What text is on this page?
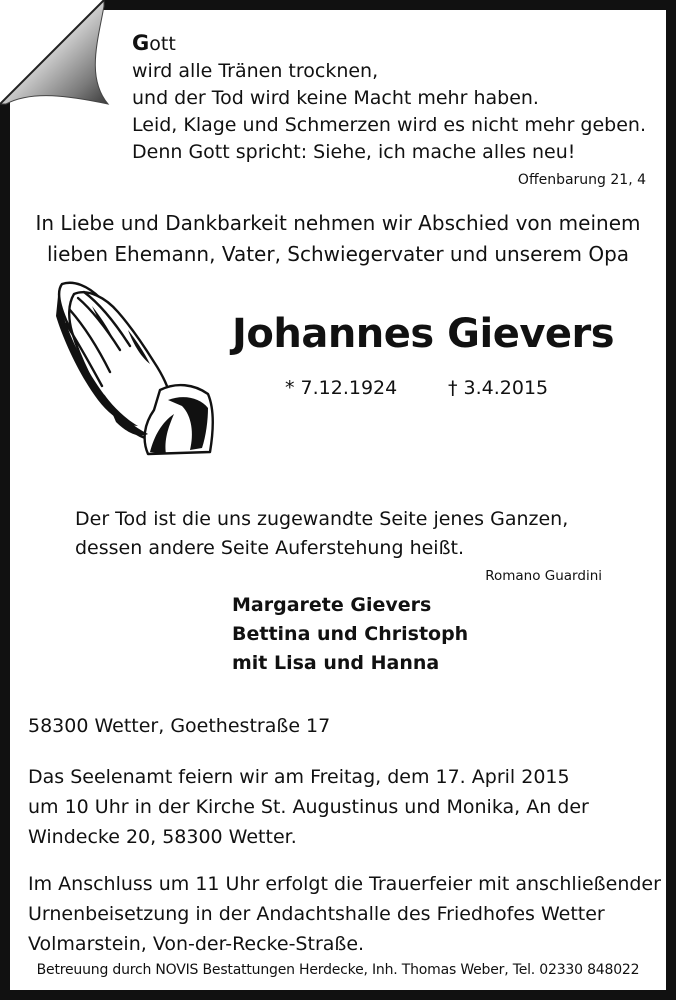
Gott
wird alle Tränen trocknen,
und der Tod wird keine Macht mehr haben.
Leid, Klage und Schmerzen wird es nicht mehr geben.
Denn Gott spricht: Siehe, ich mache alles neu!
Offenbarung 21, 4
In Liebe und Dankbarkeit nehmen wir Abschied von meinem
lieben Ehemann, Vater, Schwiegervater und unserem Opa
Johannes Gievers
* 7.12.1924	† 3.4.2015
Der Tod ist die uns zugewandte Seite jenes Ganzen,
dessen andere Seite Auferstehung heißt.
Romano Guardini
Margarete Gievers
Bettina und Christoph
mit Lisa und Hanna
58300 Wetter, Goethestraße 17
Das Seelenamt feiern wir am Freitag, dem 17. April 2015
um 10 Uhr in der Kirche St. Augustinus und Monika, An der
Windecke 20, 58300 Wetter.
Im Anschluss um 11 Uhr erfolgt die Trauerfeier mit anschließender
Urnenbeisetzung in der Andachtshalle des Friedhofes Wetter
Volmarstein, Von-der-Recke-Straße.
Betreuung durch NOVIS Bestattungen Herdecke, Inh. Thomas Weber, Tel. 02330 848022
